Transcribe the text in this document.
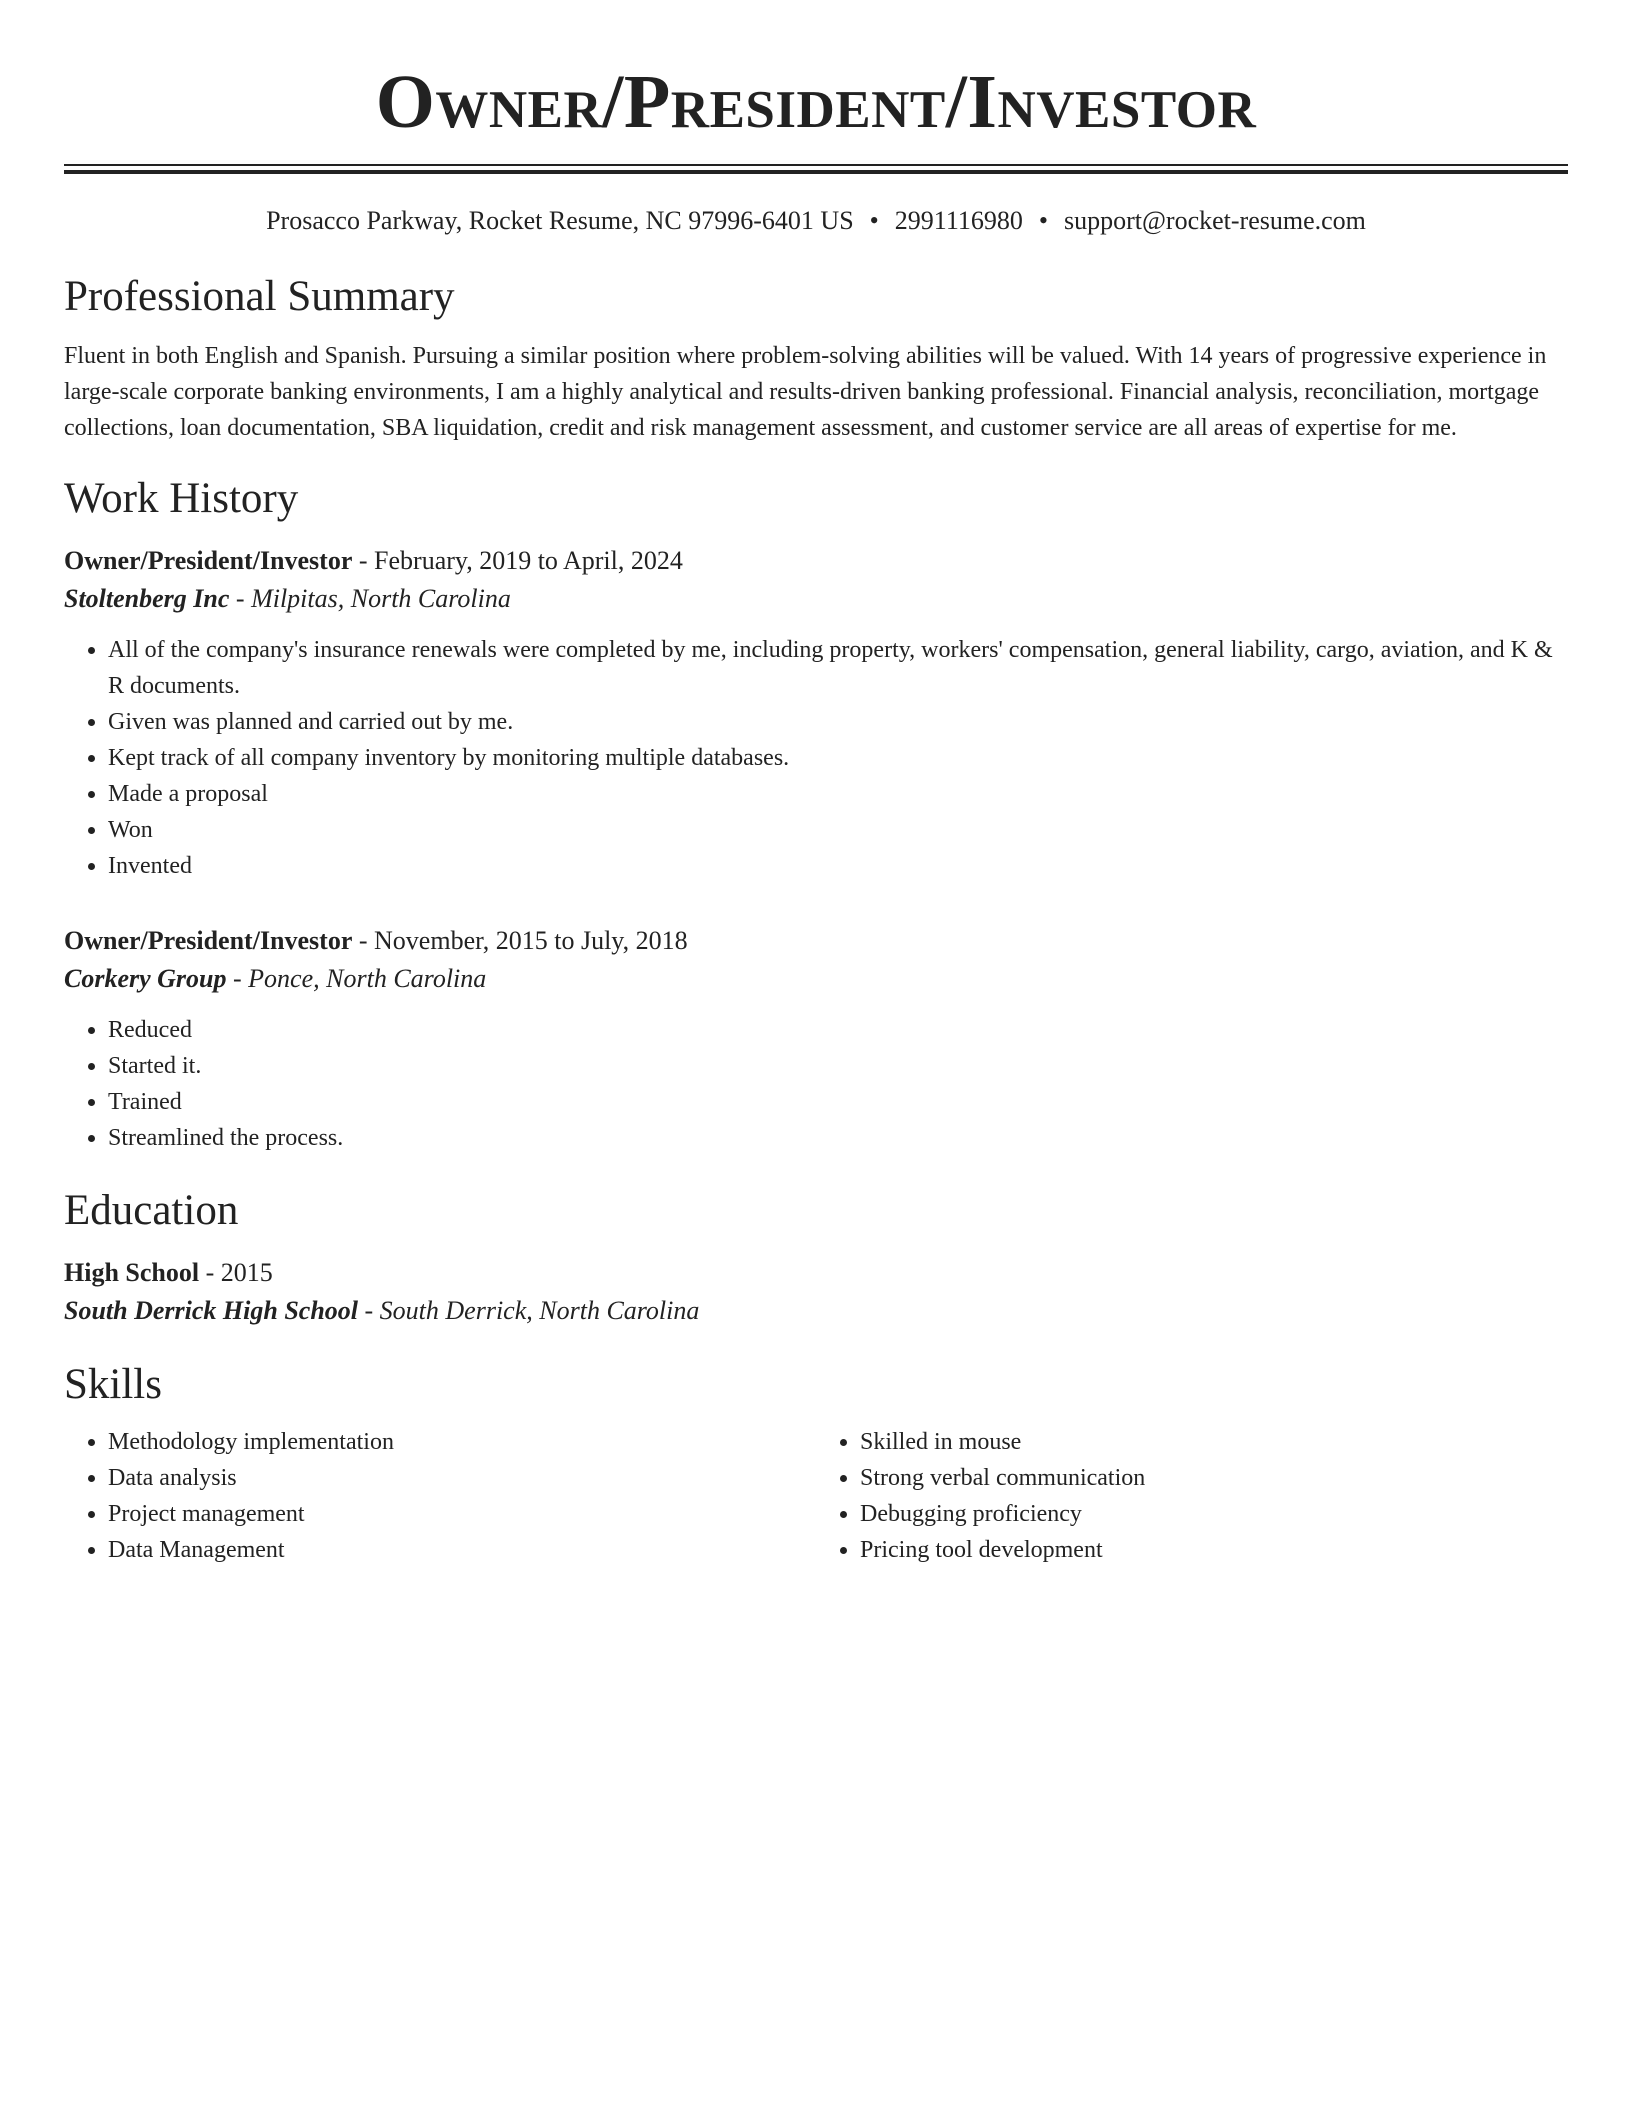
Owner/President/Investor
Prosacco Parkway, Rocket Resume, NC 97996-6401 US • 2991116980 • support@rocket-resume.com
Professional Summary
Fluent in both English and Spanish. Pursuing a similar position where problem-solving abilities will be valued. With 14 years of progressive experience in large-scale corporate banking environments, I am a highly analytical and results-driven banking professional. Financial analysis, reconciliation, mortgage collections, loan documentation, SBA liquidation, credit and risk management assessment, and customer service are all areas of expertise for me.
Work History
Owner/President/Investor - February, 2019 to April, 2024
Stoltenberg Inc - Milpitas, North Carolina
• All of the company's insurance renewals were completed by me, including property, workers' compensation, general liability, cargo, aviation, and K & R documents.
• Given was planned and carried out by me.
• Kept track of all company inventory by monitoring multiple databases.
• Made a proposal
• Won
• Invented
Owner/President/Investor - November, 2015 to July, 2018
Corkery Group - Ponce, North Carolina
• Reduced
• Started it.
• Trained
• Streamlined the process.
Education
High School - 2015
South Derrick High School - South Derrick, North Carolina
Skills
• Methodology implementation
• Data analysis
• Project management
• Data Management
• Skilled in mouse
• Strong verbal communication
• Debugging proficiency
• Pricing tool development
